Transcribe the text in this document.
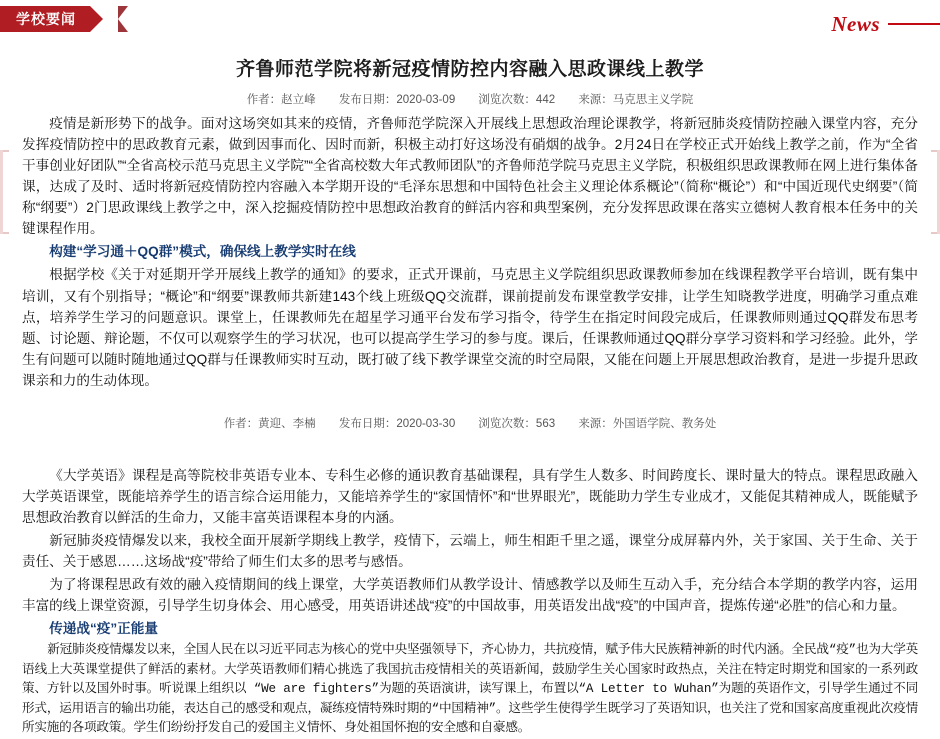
学校要闻	News
齐鲁师范学院将新冠疫情防控内容融入思政课线上教学
作者：赵立峰 发布日期：2020-03-09 浏览次数：442 来源：马克思主义学院

疫情是新形势下的战争。面对这场突如其来的疫情，齐鲁师范学院深入开展线上思想政治理论课教学，将新冠肺炎疫情防控融入课堂内容，充分发挥疫情防控中的思政教育元素，做到因事而化、因时而新，积极主动打好这场没有硝烟的战争。2月24日在学校正式开始线上教学之前，作为“全省干事创业好团队”“全省高校示范马克思主义学院”“全省高校数大年式教师团队”的齐鲁师范学院马克思主义学院，积极组织思政课教师在网上进行集体备课，达成了及时、适时将新冠疫情防控内容融入本学期开设的“毛泽东思想和中国特色社会主义理论体系概论”（简称“概论”）和“中国近现代史纲要”（简称“纲要”）2门思政课线上教学之中，深入挖掘疫情防控中思想政治教育的鲜活内容和典型案例，充分发挥思政课在落实立德树人教育根本任务中的关键课程作用。

构建“学习通＋QQ群”模式，确保线上教学实时在线

根据学校《关于对延期开学开展线上教学的通知》的要求，正式开课前，马克思主义学院组织思政课教师参加在线课程教学平台培训，既有集中培训，又有个别指导；“概论”和“纲要”课教师共新建143个线上班级QQ交流群，课前提前发布课堂教学安排，让学生知晓教学进度，明确学习重点难点，培养学生学习的问题意识。课堂上，任课教师先在超星学习通平台发布学习指令，待学生在指定时间段完成后，任课教师则通过QQ群发布思考题、讨论题、辩论题，不仅可以观察学生的学习状况，也可以提高学生学习的参与度。课后，任课教师通过QQ群分享学习资料和学习经验。此外，学生有问题可以随时随地通过QQ群与任课教师实时互动，既打破了线下教学课堂交流的时空局限，又能在问题上开展思想政治教育，是进一步提升思政课亲和力的生动体现。

作者：黄迎、李楠 发布日期：2020-03-30 浏览次数：563 来源：外国语学院、教务处

《大学英语》课程是高等院校非英语专业本、专科生必修的通识教育基础课程，具有学生人数多、时间跨度长、课时量大的特点。课程思政融入大学英语课堂，既能培养学生的语言综合运用能力，又能培养学生的“家国情怀”和“世界眼光”，既能助力学生专业成才，又能促其精神成人，既能赋予思想政治教育以鲜活的生命力，又能丰富英语课程本身的内涵。

新冠肺炎疫情爆发以来，我校全面开展新学期线上教学，疫情下，云端上，师生相距千里之遥，课堂分成屏幕内外，关于家国、关于生命、关于责任、关于感恩……这场战“疫”带给了师生们太多的思考与感悟。

为了将课程思政有效的融入疫情期间的线上课堂，大学英语教师们从教学设计、情感教学以及师生互动入手，充分结合本学期的教学内容，运用丰富的线上课堂资源，引导学生切身体会、用心感受，用英语讲述战“疫”的中国故事，用英语发出战“疫”的中国声音，提炼传递“必胜”的信心和力量。

传递战“疫”正能量

新冠肺炎疫情爆发以来，全国人民在以习近平同志为核心的党中央坚强领导下，齐心协力，共抗疫情，赋予伟大民族精神新的时代内涵。全民战“疫”也为大学英语线上大英课堂提供了鲜活的素材。大学英语教师们精心挑选了我国抗击疫情相关的英语新闻，鼓励学生关心国家时政热点，关注在特定时期党和国家的一系列政策、方针以及国外时事。听说课上组织以 “We are fighters”为题的英语演讲，读写课上，布置以“A Letter to Wuhan”为题的英语作文，引导学生通过不同形式，运用语言的输出功能，表达自己的感受和观点，凝练疫情特殊时期的“中国精神”。这些学生使得学生既学习了英语知识，也关注了党和国家高度重视此次疫情所实施的各项政策。学生们纷纷抒发自己的爱国主义情怀、身处祖国怀抱的安全感和自豪感。
